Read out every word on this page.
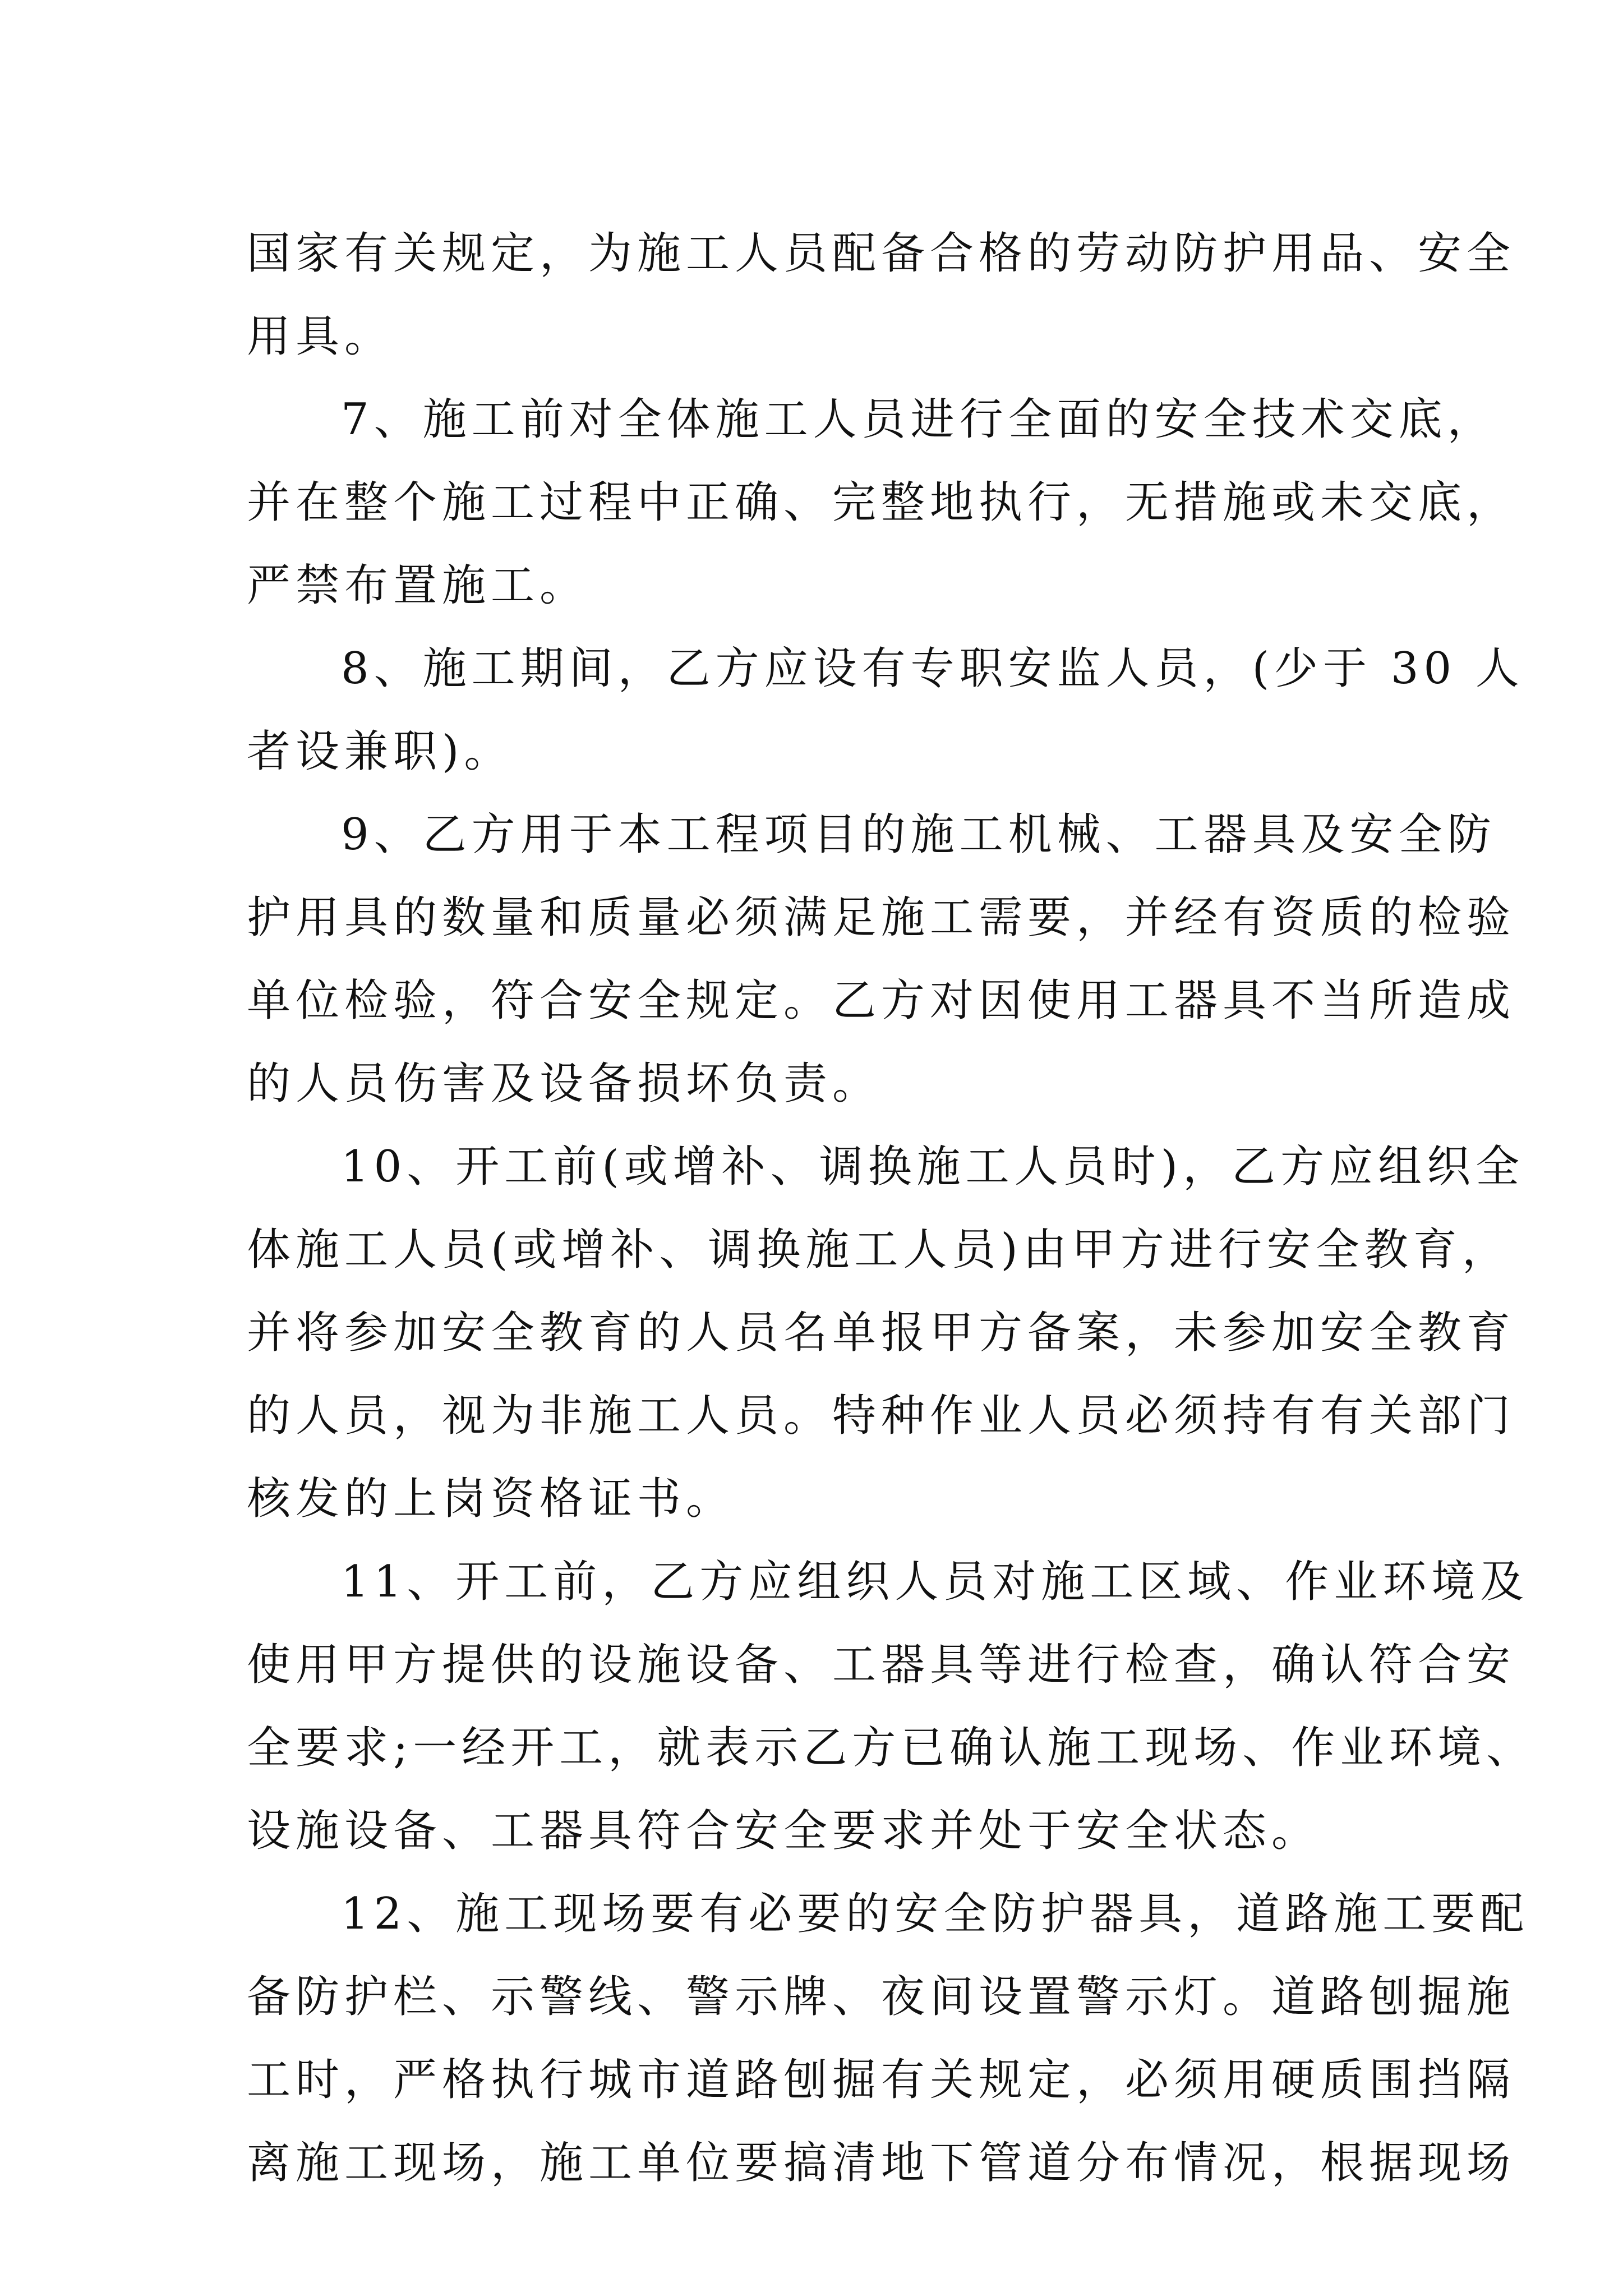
国家有关规定，为施工人员配备合格的劳动防护用品、安全
用具。
7、施工前对全体施工人员进行全面的安全技术交底，
并在整个施工过程中正确、完整地执行，无措施或未交底，
严禁布置施工。
8、施工期间，乙方应设有专职安监人员，(少于 30 人
者设兼职)。
9、乙方用于本工程项目的施工机械、工器具及安全防
护用具的数量和质量必须满足施工需要，并经有资质的检验
单位检验，符合安全规定。乙方对因使用工器具不当所造成
的人员伤害及设备损坏负责。
10、开工前(或增补、调换施工人员时)，乙方应组织全
体施工人员(或增补、调换施工人员)由甲方进行安全教育，
并将参加安全教育的人员名单报甲方备案，未参加安全教育
的人员，视为非施工人员。特种作业人员必须持有有关部门
核发的上岗资格证书。
11、开工前，乙方应组织人员对施工区域、作业环境及
使用甲方提供的设施设备、工器具等进行检查，确认符合安
全要求;一经开工，就表示乙方已确认施工现场、作业环境、
设施设备、工器具符合安全要求并处于安全状态。
12、施工现场要有必要的安全防护器具，道路施工要配
备防护栏、示警线、警示牌、夜间设置警示灯。道路刨掘施
工时，严格执行城市道路刨掘有关规定，必须用硬质围挡隔
离施工现场，施工单位要搞清地下管道分布情况，根据现场
